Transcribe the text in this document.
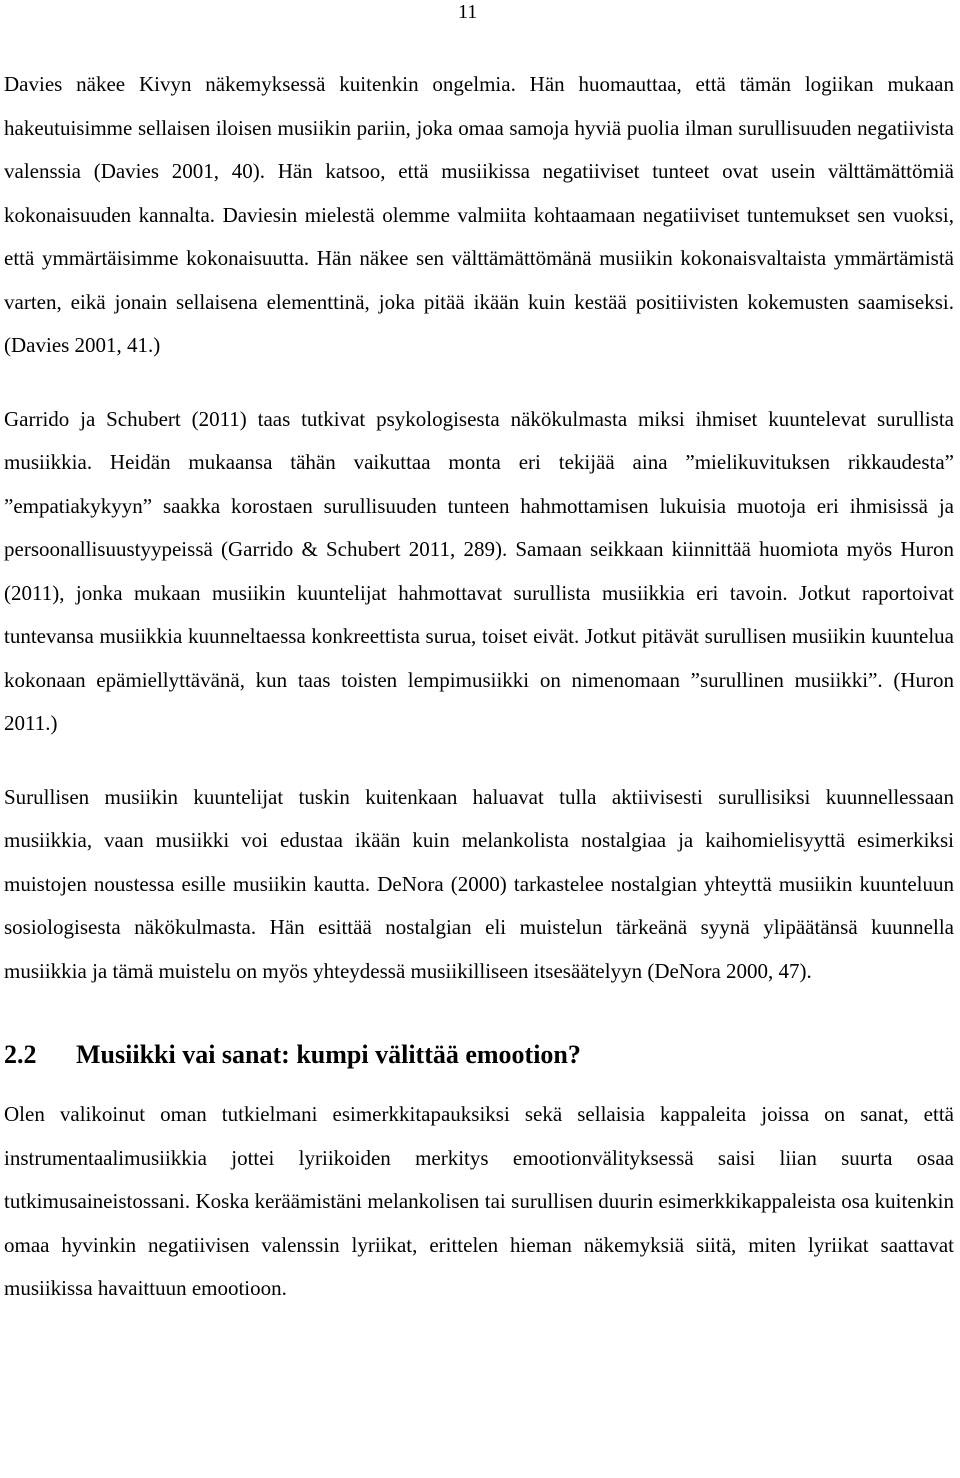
11

Davies näkee Kivyn näkemyksessä kuitenkin ongelmia. Hän huomauttaa, että tämän logiikan mukaan hakeutuisimme sellaisen iloisen musiikin pariin, joka omaa samoja hyviä puolia ilman surullisuuden negatiivista valenssia (Davies 2001, 40). Hän katsoo, että musiikissa negatiiviset tunteet ovat usein välttämättömiä kokonaisuuden kannalta. Daviesin mielestä olemme valmiita kohtaamaan negatiiviset tuntemukset sen vuoksi, että ymmärtäisimme kokonaisuutta. Hän näkee sen välttämättömänä musiikin kokonaisvaltaista ymmärtämistä varten, eikä jonain sellaisena elementtinä, joka pitää ikään kuin kestää positiivisten kokemusten saamiseksi. (Davies 2001, 41.)

Garrido ja Schubert (2011) taas tutkivat psykologisesta näkökulmasta miksi ihmiset kuuntelevat surullista musiikkia. Heidän mukaansa tähän vaikuttaa monta eri tekijää aina ”mielikuvituksen rikkaudesta” ”empatiakykyyn” saakka korostaen surullisuuden tunteen hahmottamisen lukuisia muotoja eri ihmisissä ja persoonallisuustyypeissä (Garrido & Schubert 2011, 289). Samaan seikkaan kiinnittää huomiota myös Huron (2011), jonka mukaan musiikin kuuntelijat hahmottavat surullista musiikkia eri tavoin. Jotkut raportoivat tuntevansa musiikkia kuunneltaessa konkreettista surua, toiset eivät. Jotkut pitävät surullisen musiikin kuuntelua kokonaan epämiellyttävänä, kun taas toisten lempimusiikki on nimenomaan ”surullinen musiikki”. (Huron 2011.)

Surullisen musiikin kuuntelijat tuskin kuitenkaan haluavat tulla aktiivisesti surullisiksi kuunnellessaan musiikkia, vaan musiikki voi edustaa ikään kuin melankolista nostalgiaa ja kaihomielisyyttä esimerkiksi muistojen noustessa esille musiikin kautta. DeNora (2000) tarkastelee nostalgian yhteyttä musiikin kuunteluun sosiologisesta näkökulmasta. Hän esittää nostalgian eli muistelun tärkeänä syynä ylipäätänsä kuunnella musiikkia ja tämä muistelu on myös yhteydessä musiikilliseen itsesäätelyyn (DeNora 2000, 47).

2.2	Musiikki vai sanat: kumpi välittää emootion?

Olen valikoinut oman tutkielmani esimerkkitapauksiksi sekä sellaisia kappaleita joissa on sanat, että instrumentaalimusiikkia jottei lyriikoiden merkitys emootionvälityksessä saisi liian suurta osaa tutkimusaineistossani. Koska keräämistäni melankolisen tai surullisen duurin esimerkkikappaleista osa kuitenkin omaa hyvinkin negatiivisen valenssin lyriikat, erittelen hieman näkemyksiä siitä, miten lyriikat saattavat musiikissa havaittuun emootioon.
